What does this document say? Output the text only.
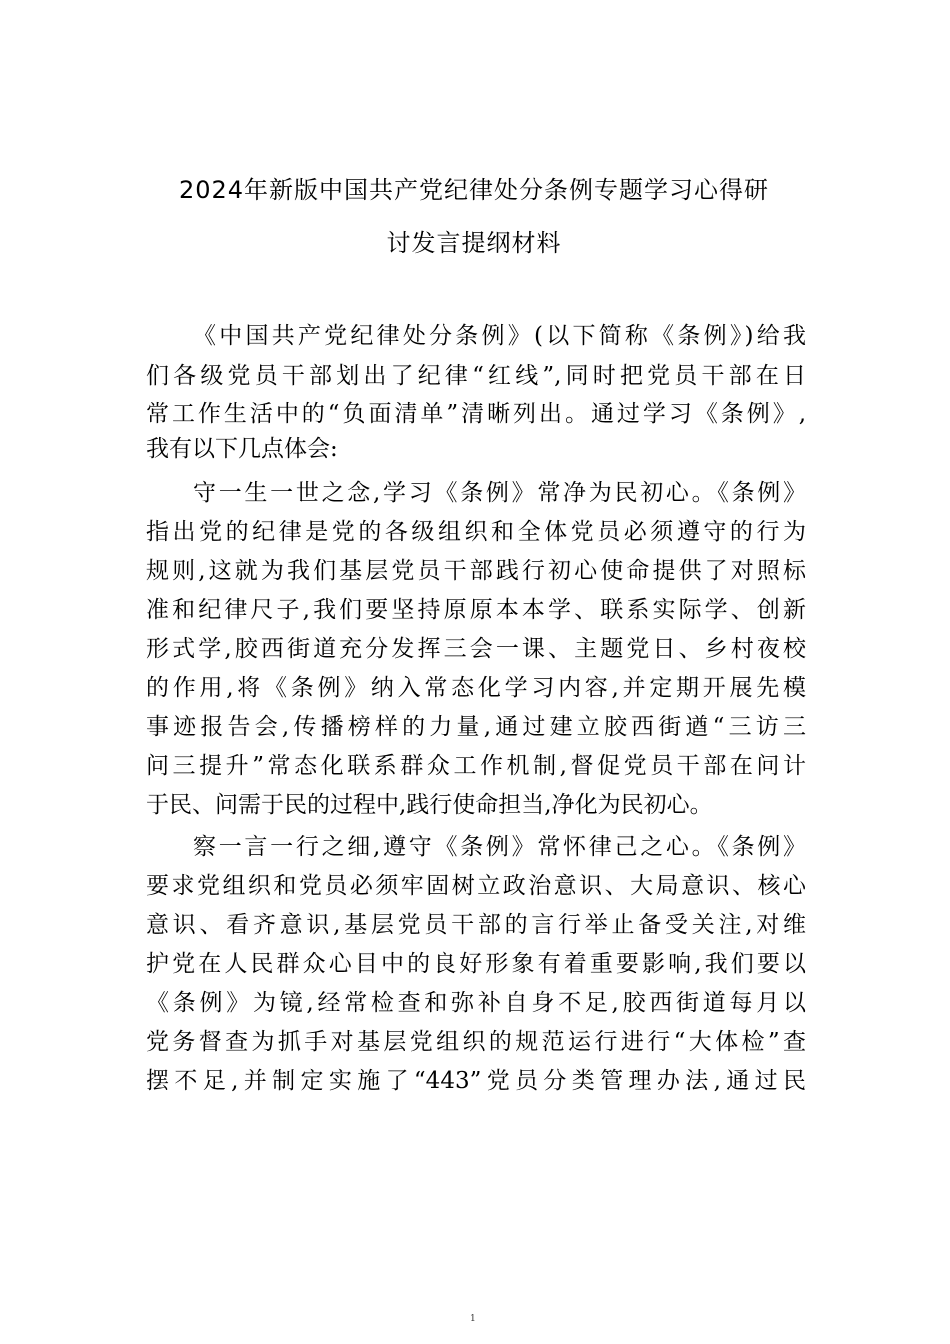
2024年新版中国共产党纪律处分条例专题学习心得研
讨发言提纲材料
《中国共产党纪律处分条例》(以下简称《条例》)给我
们各级党员干部划出了纪律“红线”,同时把党员干部在日
常工作生活中的“负面清单”清晰列出。通过学习《条例》,
我有以下几点体会:
守一生一世之念,学习《条例》常净为民初心。《条例》
指出党的纪律是党的各级组织和全体党员必须遵守的行为
规则,这就为我们基层党员干部践行初心使命提供了对照标
准和纪律尺子,我们要坚持原原本本学、联系实际学、创新
形式学,胶西街道充分发挥三会一课、主题党日、乡村夜校
的作用,将《条例》纳入常态化学习内容,并定期开展先模
事迹报告会,传播榜样的力量,通过建立胶西街遒“三访三
问三提升”常态化联系群众工作机制,督促党员干部在问计
于民、问需于民的过程中,践行使命担当,净化为民初心。
察一言一行之细,遵守《条例》常怀律己之心。《条例》
要求党组织和党员必须牢固树立政治意识、大局意识、核心
意识、看齐意识,基层党员干部的言行举止备受关注,对维
护党在人民群众心目中的良好形象有着重要影响,我们要以
《条例》为镜,经常检查和弥补自身不足,胶西街道每月以
党务督查为抓手对基层党组织的规范运行进行“大体检”查
摆不足,并制定实施了“443”党员分类管理办法,通过民
1
